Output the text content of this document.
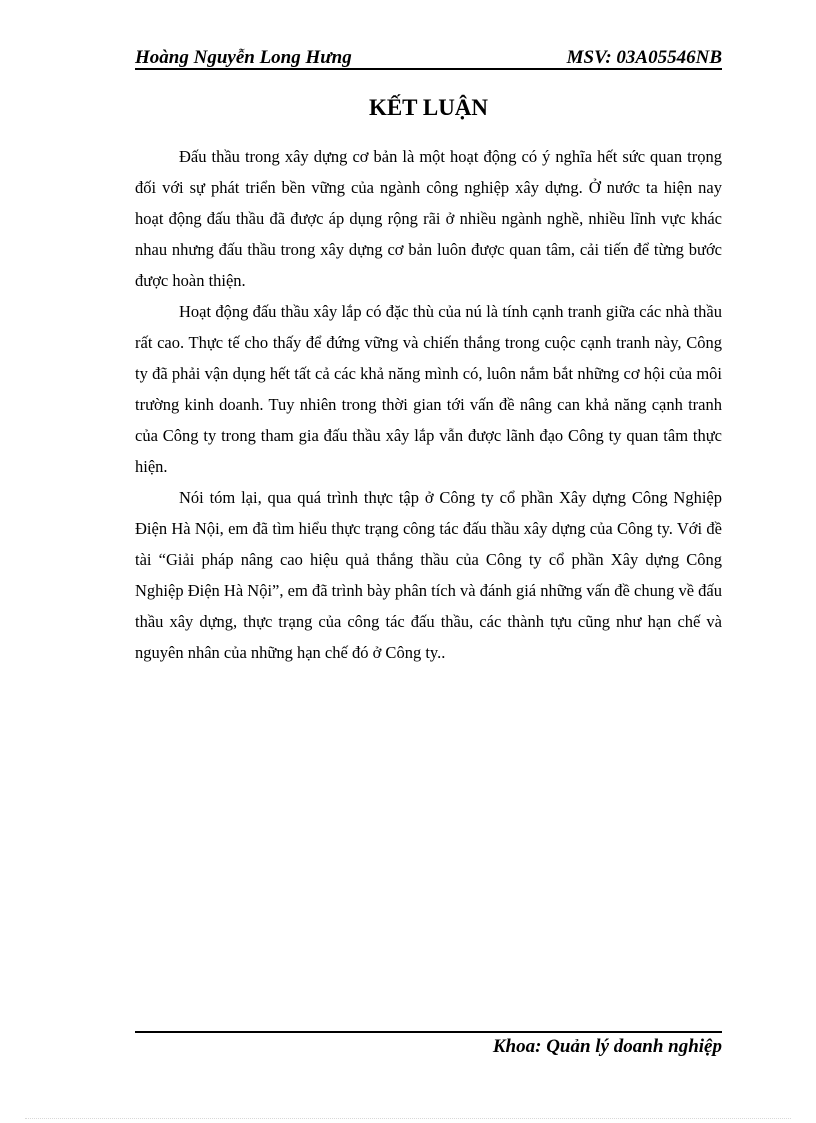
Hoàng Nguyễn Long Hưng	MSV: 03A05546NB
KẾT LUẬN

Đấu thầu trong xây dựng cơ bản là một hoạt động có ý nghĩa hết sức quan trọng đối với sự phát triển bền vững của ngành công nghiệp xây dựng. Ở nước ta hiện nay hoạt động đấu thầu đã được áp dụng rộng rãi ở nhiều ngành nghề, nhiều lĩnh vực khác nhau nhưng đấu thầu trong xây dựng cơ bản luôn được quan tâm, cải tiến để từng bước được hoàn thiện.

Hoạt động đấu thầu xây lắp có đặc thù của nú là tính cạnh tranh giữa các nhà thầu rất cao. Thực tế cho thấy để đứng vững và chiến thắng trong cuộc cạnh tranh này, Công ty đã phải vận dụng hết tất cả các khả năng mình có, luôn nắm bắt những cơ hội của môi trường kinh doanh. Tuy nhiên trong thời gian tới vấn đề nâng can khả năng cạnh tranh của Công ty trong tham gia đấu thầu xây lắp vẫn được lãnh đạo Công ty quan tâm thực hiện.

Nói tóm lại, qua quá trình thực tập ở Công ty cổ phần Xây dựng Công Nghiệp Điện Hà Nội, em đã tìm hiểu thực trạng công tác đấu thầu xây dựng của Công ty. Với đề tài “Giải pháp nâng cao hiệu quả thắng thầu của Công ty cổ phần Xây dựng Công Nghiệp Điện Hà Nội”, em đã trình bày phân tích và đánh giá những vấn đề chung về đấu thầu xây dựng, thực trạng của công tác đấu thầu, các thành tựu cũng như hạn chế và nguyên nhân của những hạn chế đó ở Công ty..

Khoa: Quản lý doanh nghiệp
